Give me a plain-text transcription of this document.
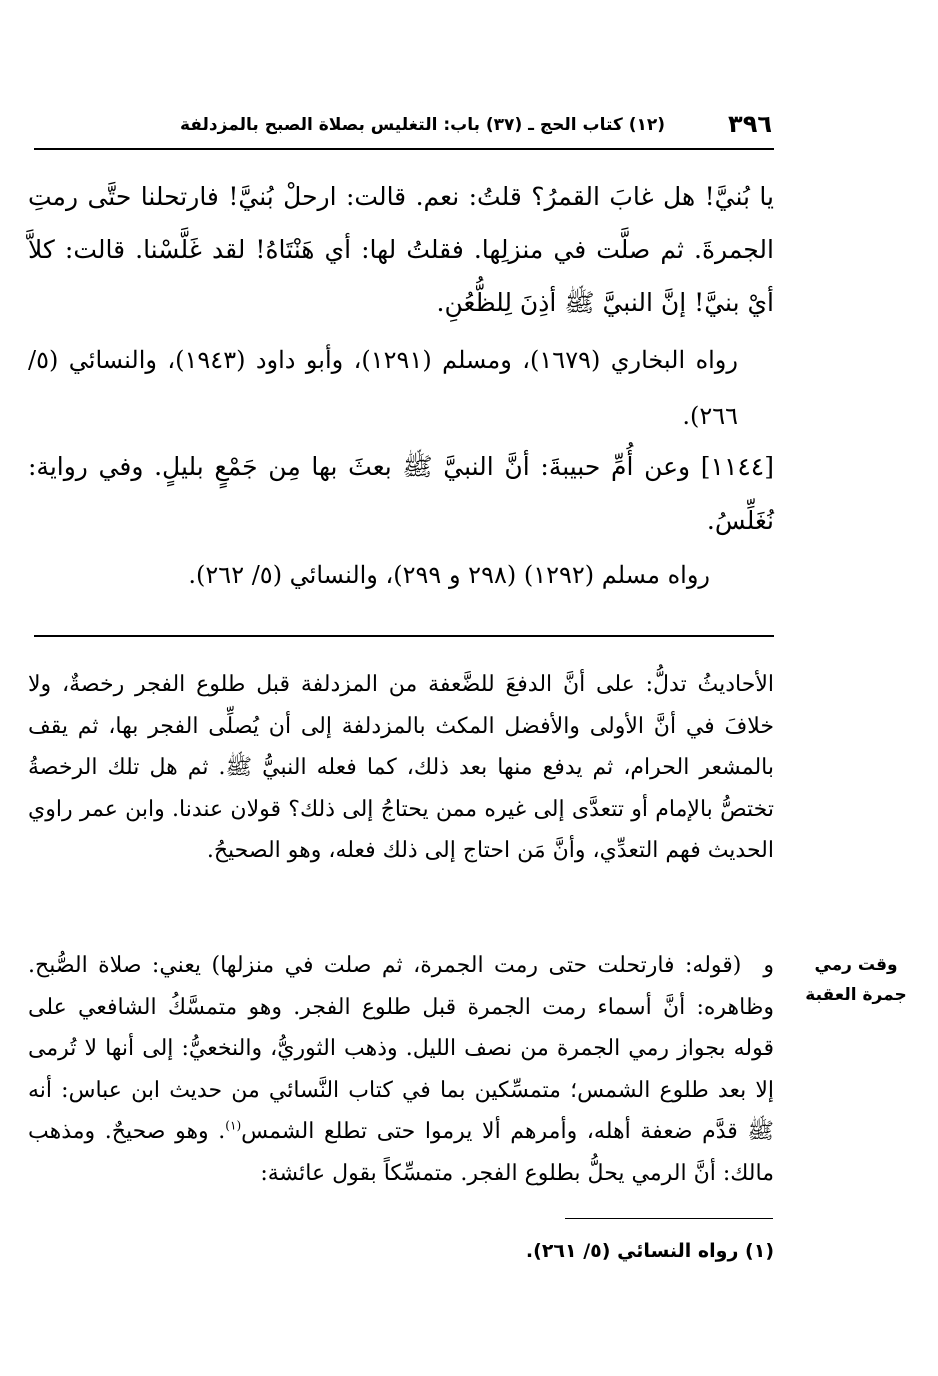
٣٩٦
(١٢) كتاب الحج ـ (٣٧) باب: التغليس بصلاة الصبح بالمزدلفة
يا بُنيَّ! هل غابَ القمرُ؟ قلتُ: نعم. قالت: ارحلْ بُنيَّ! فارتحلنا حتَّى رمتِ الجمرةَ. ثم صلَّت في منزلِها. فقلتُ لها: أي هَنْتَاهُ! لقد غَلَّسْنا. قالت: كلاَّ أيْ بنيَّ! إنَّ النبيَّ ﷺ أذِنَ لِلظُّعُنِ.
رواه البخاري (١٦٧٩)، ومسلم (١٢٩١)، وأبو داود (١٩٤٣)، والنسائي (٥/ ٢٦٦).
[١١٤٤] وعن أُمِّ حبيبةَ: أنَّ النبيَّ ﷺ بعثَ بها مِن جَمْعٍ بليلٍ. وفي رواية: نُغَلِّسُ.
رواه مسلم (١٢٩٢) (٢٩٨ و ٢٩٩)، والنسائي (٥/ ٢٦٢).
الأحاديثُ تدلُّ: على أنَّ الدفعَ للضَّعفة من المزدلفة قبل طلوع الفجر رخصةٌ، ولا خلافَ في أنَّ الأولى والأفضل المكث بالمزدلفة إلى أن يُصلِّى الفجر بها، ثم يقف بالمشعر الحرام، ثم يدفع منها بعد ذلك، كما فعله النبيُّ ﷺ. ثم هل تلك الرخصةُ تختصُّ بالإمام أو تتعدَّى إلى غيره ممن يحتاجُ إلى ذلك؟ قولان عندنا. وابن عمر راوي الحديث فهم التعدِّي، وأنَّ مَن احتاج إلى ذلك فعله، وهو الصحيحُ.
و(قوله: فارتحلت حتى رمت الجمرة، ثم صلت في منزلها) يعني: صلاة الصُّبح. وظاهره: أنَّ أسماء رمت الجمرة قبل طلوع الفجر. وهو متمسَّكُ الشافعي على قوله بجواز رمي الجمرة من نصف الليل. وذهب الثوريُّ، والنخعيُّ: إلى أنها لا تُرمى إلا بعد طلوع الشمس؛ متمسِّكين بما في كتاب النَّسائي من حديث ابن عباس: أنه ﷺ قدَّم ضعفة أهله، وأمرهم ألا يرموا حتى تطلع الشمس$^{(١)}$. وهو صحيحٌ. ومذهب مالك: أنَّ الرمي يحلُّ بطلوع الفجر. متمسِّكاً بقول عائشة:
وقت رمي
جمرة العقبة
(١) رواه النسائي (٥/ ٢٦١).
